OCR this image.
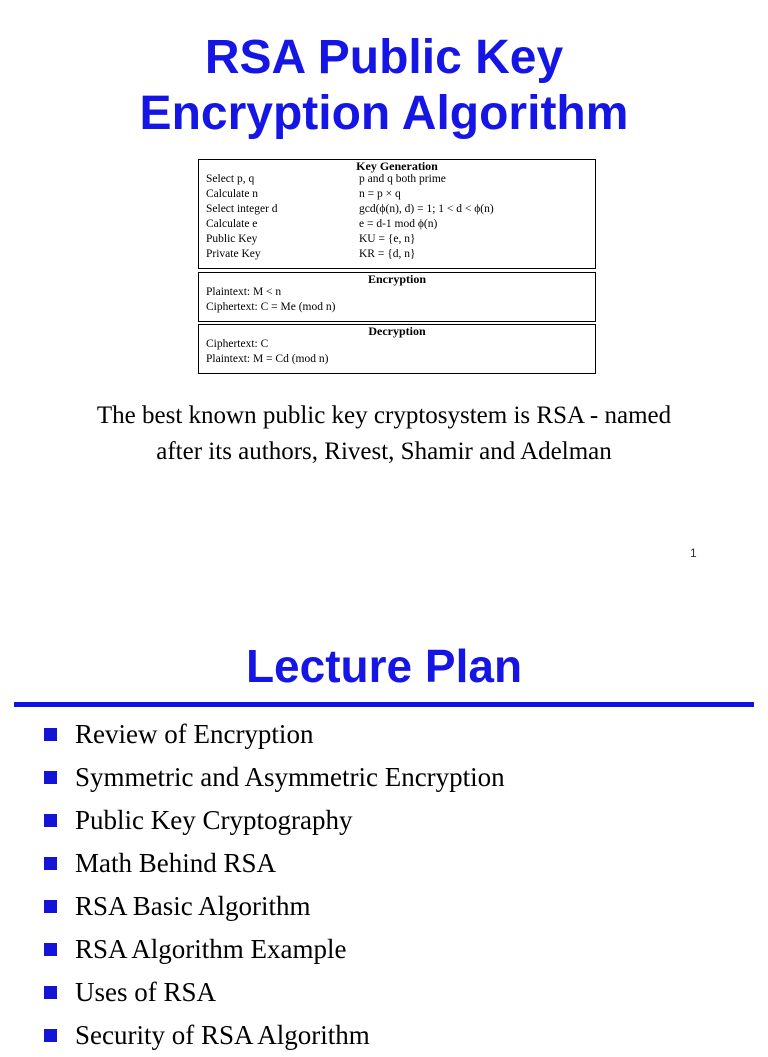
RSA Public Key
Encryption Algorithm
Key Generation
Select p, q	p and q both prime
Calculate n	n = p × q
Select integer d	gcd(ϕ(n), d) = 1; 1 < d < ϕ(n)
Calculate e	e = d-1 mod ϕ(n)
Public Key	KU = {e, n}
Private Key	KR = {d, n}
Encryption
Plaintext: M < n
Ciphertext: C = Me (mod n)
Decryption
Ciphertext: C
Plaintext: M = Cd (mod n)
The best known public key cryptosystem is RSA - named after its authors, Rivest, Shamir and Adelman
1
Lecture Plan
Review of Encryption
Symmetric and Asymmetric Encryption
Public Key Cryptography
Math Behind RSA
RSA Basic Algorithm
RSA Algorithm Example
Uses of RSA
Security of RSA Algorithm
